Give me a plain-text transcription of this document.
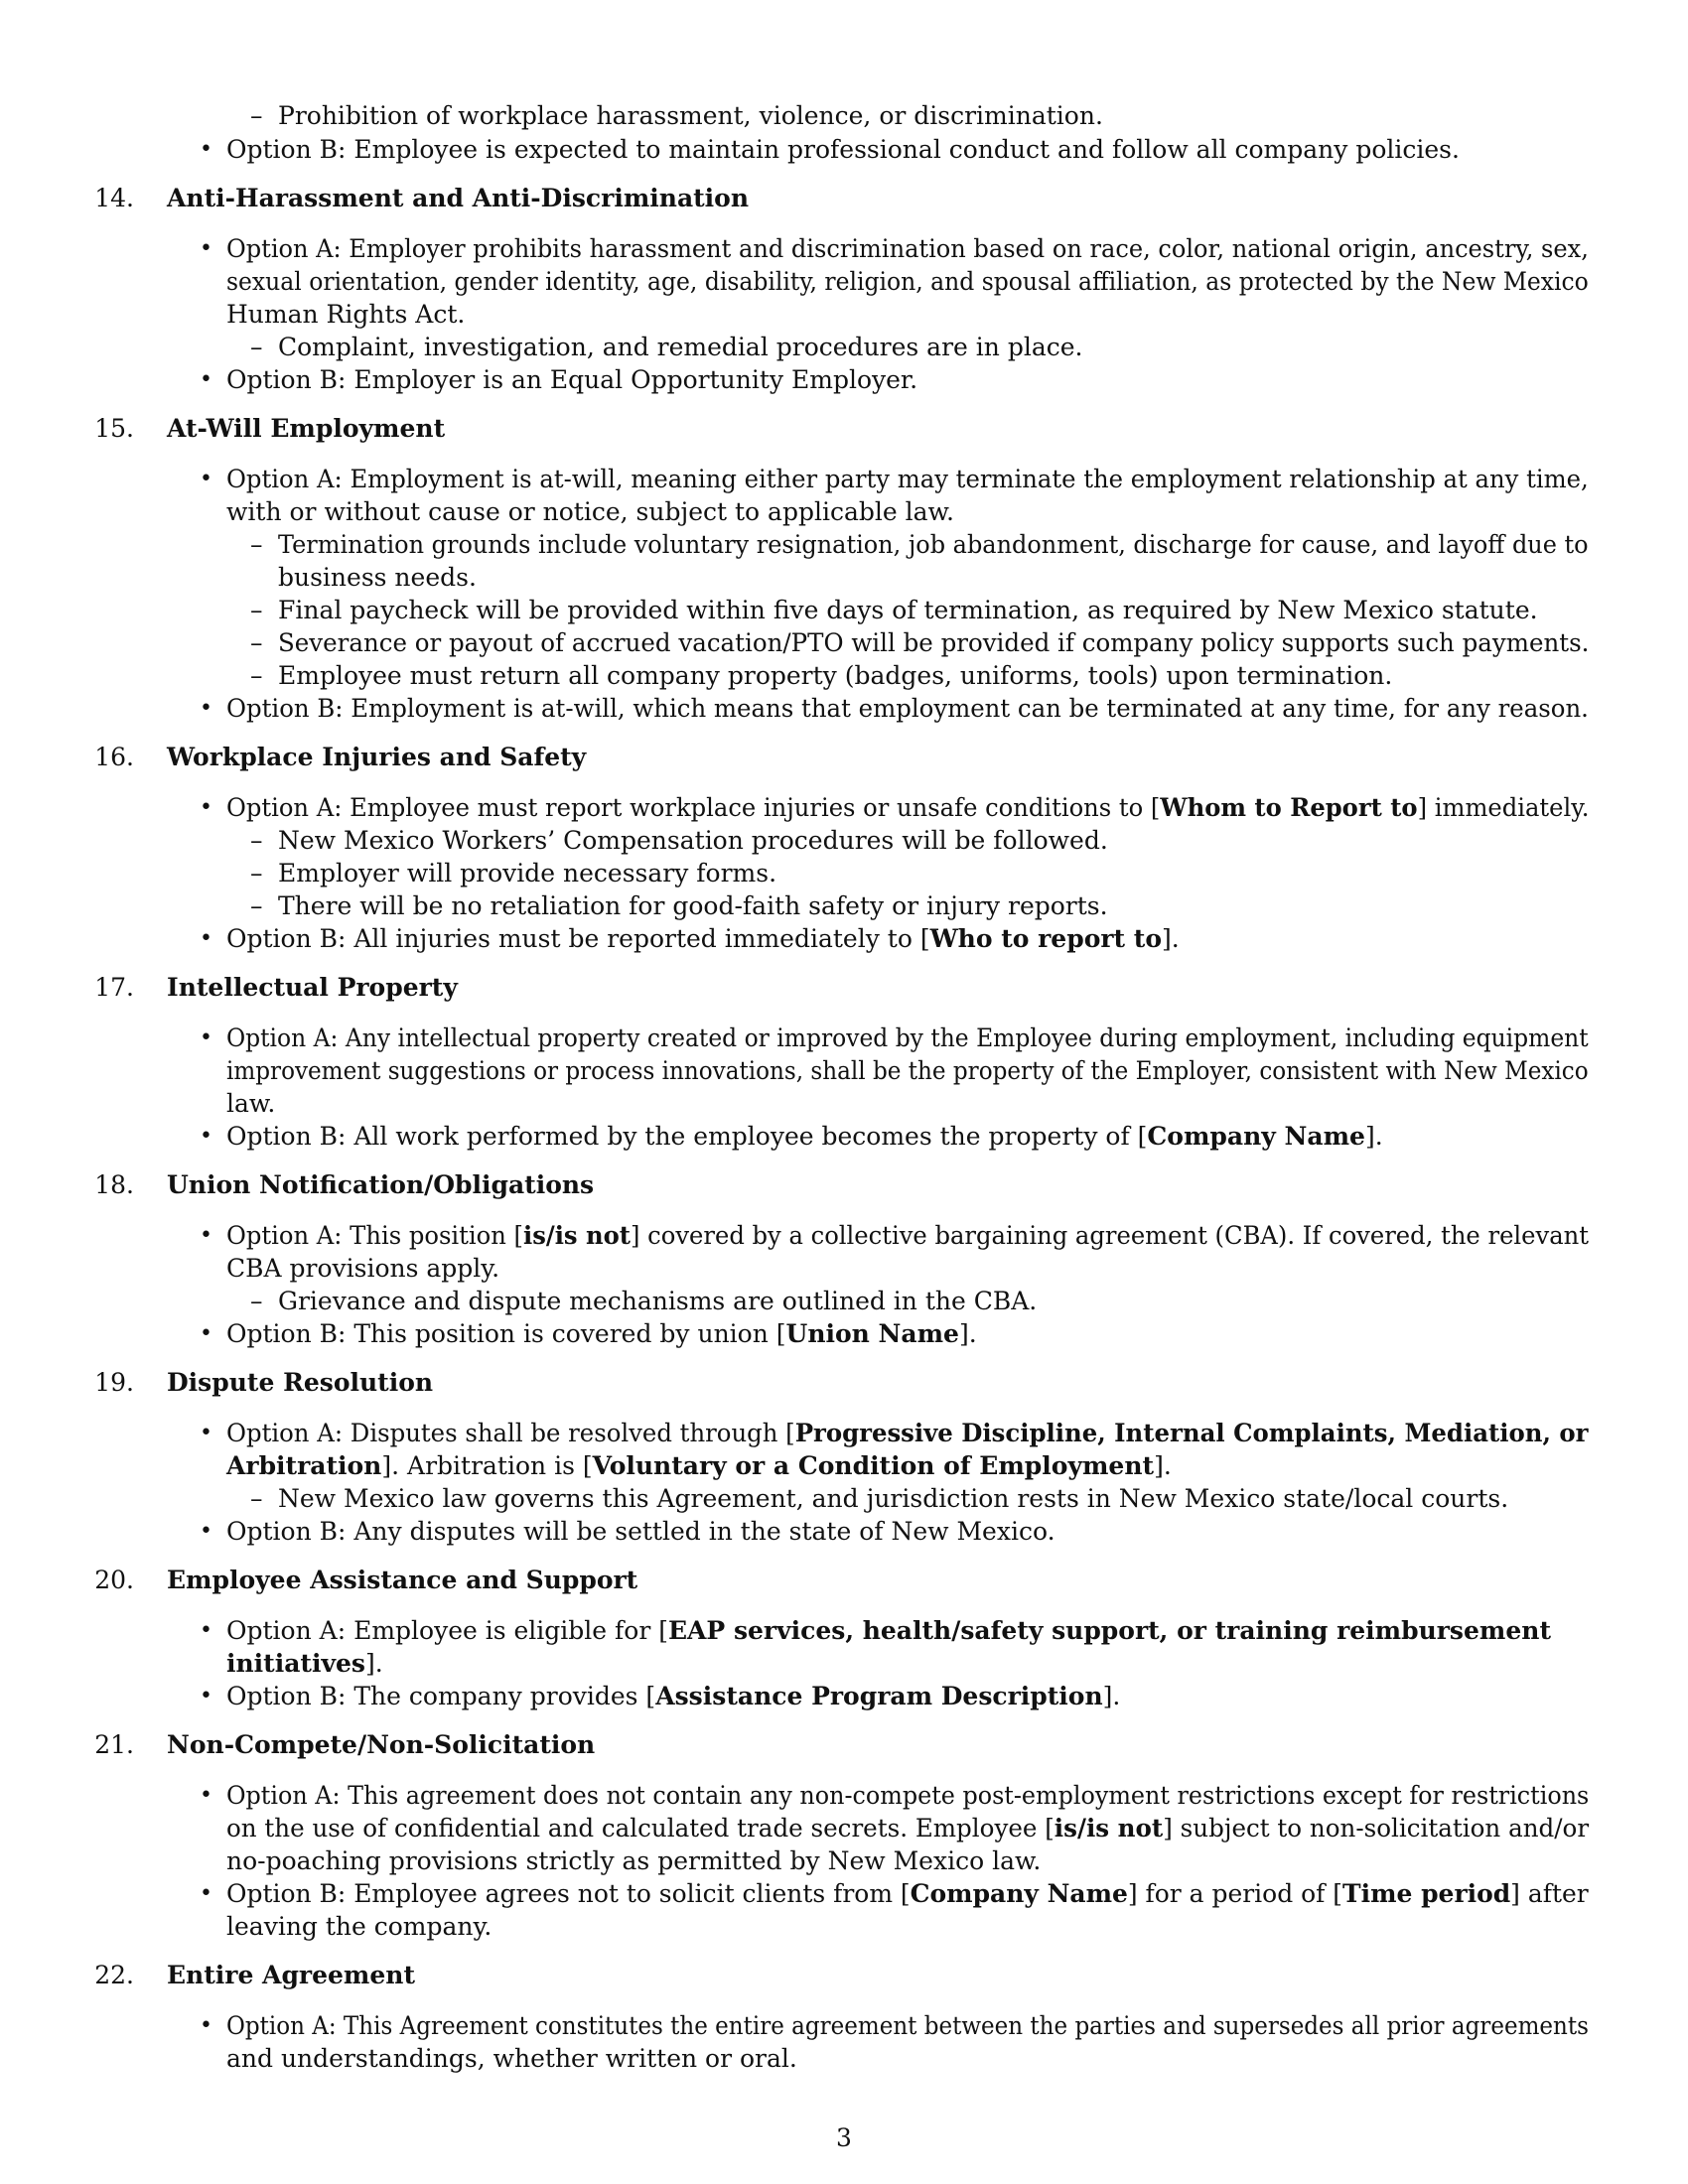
– Prohibition of workplace harassment, violence, or discrimination.
• Option B: Employee is expected to maintain professional conduct and follow all company policies.
14. Anti-Harassment and Anti-Discrimination
• Option A: Employer prohibits harassment and discrimination based on race, color, national origin, ancestry, sex,
sexual orientation, gender identity, age, disability, religion, and spousal affiliation, as protected by the New Mexico
Human Rights Act.
– Complaint, investigation, and remedial procedures are in place.
• Option B: Employer is an Equal Opportunity Employer.
15. At-Will Employment
• Option A: Employment is at-will, meaning either party may terminate the employment relationship at any time,
with or without cause or notice, subject to applicable law.
– Termination grounds include voluntary resignation, job abandonment, discharge for cause, and layoff due to
business needs.
– Final paycheck will be provided within five days of termination, as required by New Mexico statute.
– Severance or payout of accrued vacation/PTO will be provided if company policy supports such payments.
– Employee must return all company property (badges, uniforms, tools) upon termination.
• Option B: Employment is at-will, which means that employment can be terminated at any time, for any reason.
16. Workplace Injuries and Safety
• Option A: Employee must report workplace injuries or unsafe conditions to [Whom to Report to] immediately.
– New Mexico Workers’ Compensation procedures will be followed.
– Employer will provide necessary forms.
– There will be no retaliation for good-faith safety or injury reports.
• Option B: All injuries must be reported immediately to [Who to report to].
17. Intellectual Property
• Option A: Any intellectual property created or improved by the Employee during employment, including equipment
improvement suggestions or process innovations, shall be the property of the Employer, consistent with New Mexico
law.
• Option B: All work performed by the employee becomes the property of [Company Name].
18. Union Notification/Obligations
• Option A: This position [is/is not] covered by a collective bargaining agreement (CBA). If covered, the relevant
CBA provisions apply.
– Grievance and dispute mechanisms are outlined in the CBA.
• Option B: This position is covered by union [Union Name].
19. Dispute Resolution
• Option A: Disputes shall be resolved through [Progressive Discipline, Internal Complaints, Mediation, or
Arbitration]. Arbitration is [Voluntary or a Condition of Employment].
– New Mexico law governs this Agreement, and jurisdiction rests in New Mexico state/local courts.
• Option B: Any disputes will be settled in the state of New Mexico.
20. Employee Assistance and Support
• Option A: Employee is eligible for [EAP services, health/safety support, or training reimbursement
initiatives].
• Option B: The company provides [Assistance Program Description].
21. Non-Compete/Non-Solicitation
• Option A: This agreement does not contain any non-compete post-employment restrictions except for restrictions
on the use of confidential and calculated trade secrets. Employee [is/is not] subject to non-solicitation and/or
no-poaching provisions strictly as permitted by New Mexico law.
• Option B: Employee agrees not to solicit clients from [Company Name] for a period of [Time period] after
leaving the company.
22. Entire Agreement
• Option A: This Agreement constitutes the entire agreement between the parties and supersedes all prior agreements
and understandings, whether written or oral.
3
